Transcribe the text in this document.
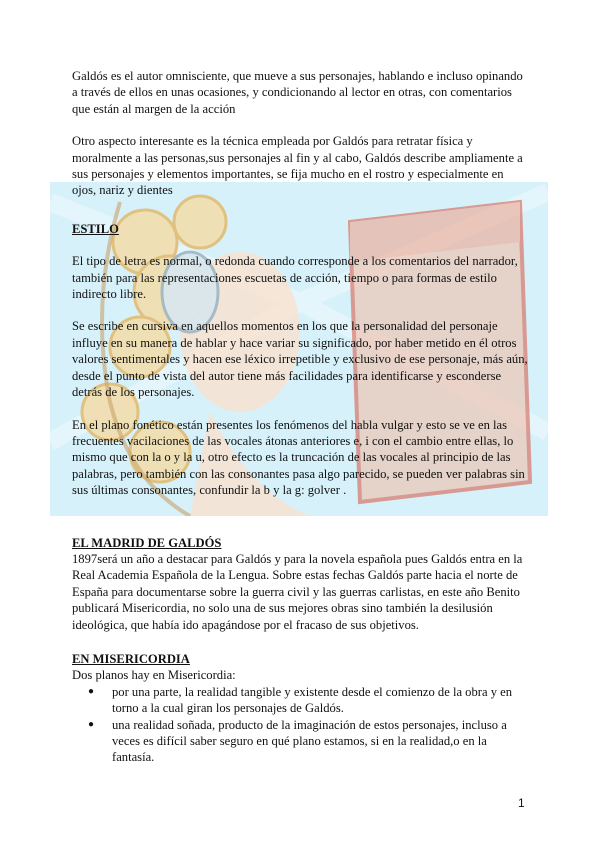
Galdós es el autor omnisciente, que mueve a sus personajes, hablando e incluso opinando a través de ellos en unas ocasiones, y condicionando al lector en otras, con comentarios que están al margen de la acción

Otro aspecto interesante es la técnica empleada por Galdós para retratar física y moralmente a las personas,sus personajes al fin y al cabo, Galdós describe ampliamente a sus personajes y elementos importantes, se fija mucho en el rostro y especialmente en ojos, nariz y dientes

ESTILO

El tipo de letra es normal, o redonda cuando corresponde a los comentarios del narrador, también para las representaciones escuetas de acción, tiempo o para formas de estilo indirecto libre.

Se escribe en cursiva en aquellos momentos en los que la personalidad del personaje influye en su manera de hablar y hace variar su significado, por haber metido en él otros valores sentimentales y hacen ese léxico irrepetible y exclusivo de ese personaje, más aún, desde el punto de vista del autor tiene más facilidades para identificarse y esconderse detrás de los personajes.

En el plano fonético están presentes los fenómenos del habla vulgar y esto se ve en las frecuentes vacilaciones de las vocales átonas anteriores e, i con el cambio entre ellas, lo mismo que con la o y la u, otro efecto es la truncación de las vocales al principio de las palabras, pero también con las consonantes pasa algo parecido, se pueden ver palabras sin sus últimas consonantes, confundir la b y la g: golver .

EL MADRID DE GALDÓS

1897será un año a destacar para Galdós y para la novela española pues Galdós entra en la Real Academia Española de la Lengua. Sobre estas fechas Galdós parte hacia el norte de España para documentarse sobre la guerra civil y las guerras carlistas, en este año Benito publicará Misericordia, no solo una de sus mejores obras sino también la desilusión ideológica, que había ido apagándose por el fracaso de sus objetivos.

EN MISERICORDIA

Dos planos hay en Misericordia:

● por una parte, la realidad tangible y existente desde el comienzo de la obra y en torno a la cual giran los personajes de Galdós.
● una realidad soñada, producto de la imaginación de estos personajes, incluso a veces es difícil saber seguro en qué plano estamos, si en la realidad,o en la fantasía.
1
